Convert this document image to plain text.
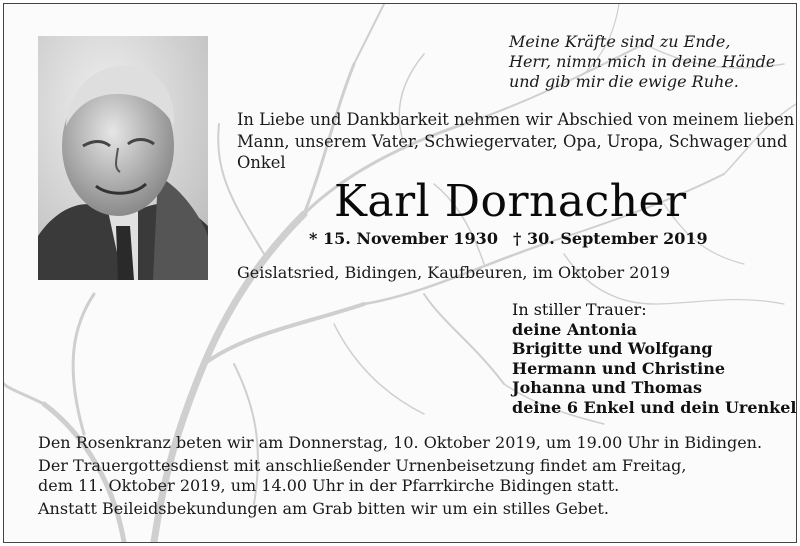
Meine Kräfte sind zu Ende,
Herr, nimm mich in deine Hände
und gib mir die ewige Ruhe.
In Liebe und Dankbarkeit nehmen wir Abschied von meinem lieben
Mann, unserem Vater, Schwiegervater, Opa, Uropa, Schwager und
Onkel
Karl Dornacher
* 15. November 1930 † 30. September 2019
Geislatsried, Bidingen, Kaufbeuren, im Oktober 2019
In stiller Trauer:
deine Antonia
Brigitte und Wolfgang
Hermann und Christine
Johanna und Thomas
deine 6 Enkel und dein Urenkel
Den Rosenkranz beten wir am Donnerstag, 10. Oktober 2019, um 19.00 Uhr in Bidingen.
Der Trauergottesdienst mit anschließender Urnenbeisetzung findet am Freitag,
dem 11. Oktober 2019, um 14.00 Uhr in der Pfarrkirche Bidingen statt.
Anstatt Beileidsbekundungen am Grab bitten wir um ein stilles Gebet.
